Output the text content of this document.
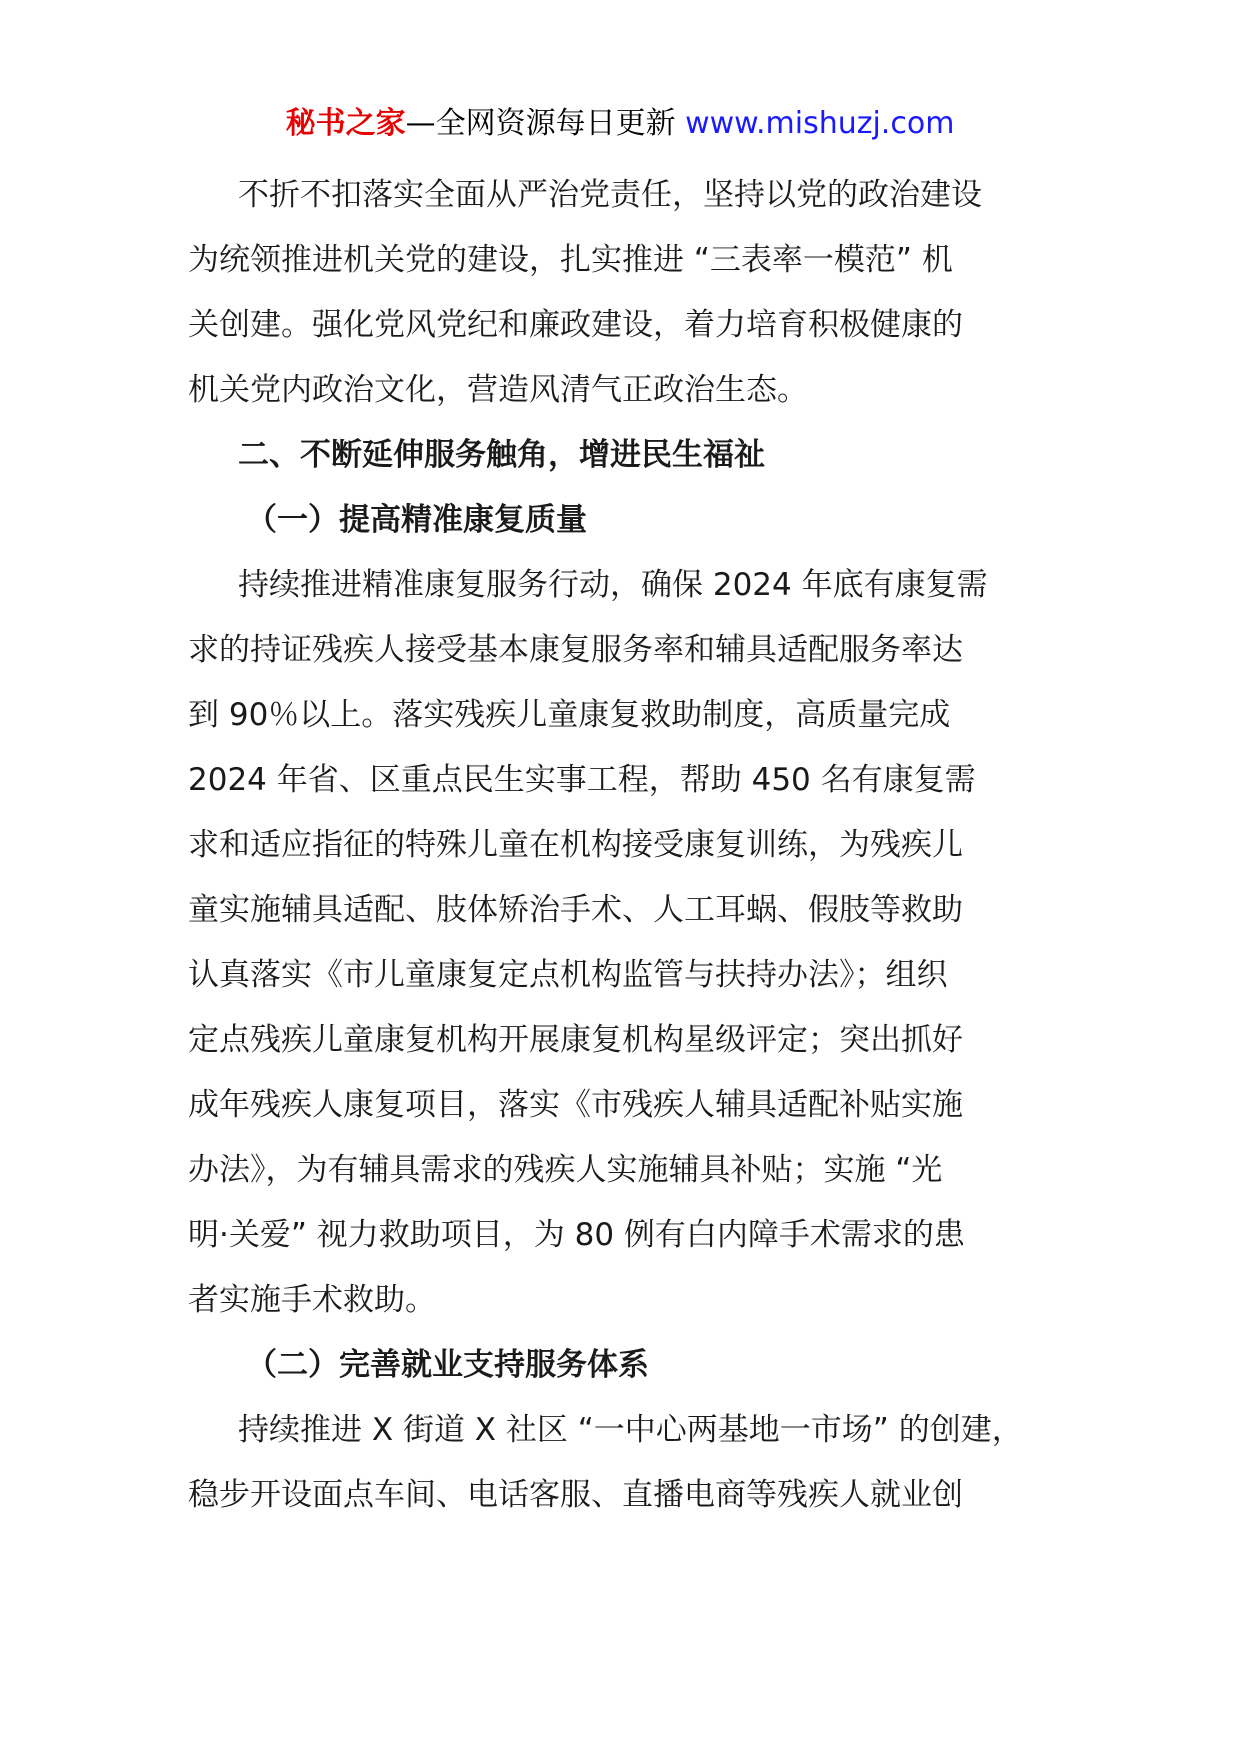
秘书之家—全网资源每日更新 www.mishuzj.com
不折不扣落实全面从严治党责任，坚持以党的政治建设
为统领推进机关党的建设，扎实推进 “三表率一模范” 机
关创建。强化党风党纪和廉政建设，着力培育积极健康的
机关党内政治文化，营造风清气正政治生态。
二、不断延伸服务触角，增进民生福祉
（一）提高精准康复质量
持续推进精准康复服务行动，确保 2024 年底有康复需
求的持证残疾人接受基本康复服务率和辅具适配服务率达
到 90％以上。落实残疾儿童康复救助制度，高质量完成
2024 年省、区重点民生实事工程，帮助 450 名有康复需
求和适应指征的特殊儿童在机构接受康复训练，为残疾儿
童实施辅具适配、肢体矫治手术、人工耳蜗、假肢等救助
认真落实《市儿童康复定点机构监管与扶持办法》；组织
定点残疾儿童康复机构开展康复机构星级评定；突出抓好
成年残疾人康复项目，落实《市残疾人辅具适配补贴实施
办法》，为有辅具需求的残疾人实施辅具补贴；实施 “光
明·关爱” 视力救助项目，为 80 例有白内障手术需求的患
者实施手术救助。
（二）完善就业支持服务体系
持续推进 X 街道 X 社区 “一中心两基地一市场” 的创建，
稳步开设面点车间、电话客服、直播电商等残疾人就业创
